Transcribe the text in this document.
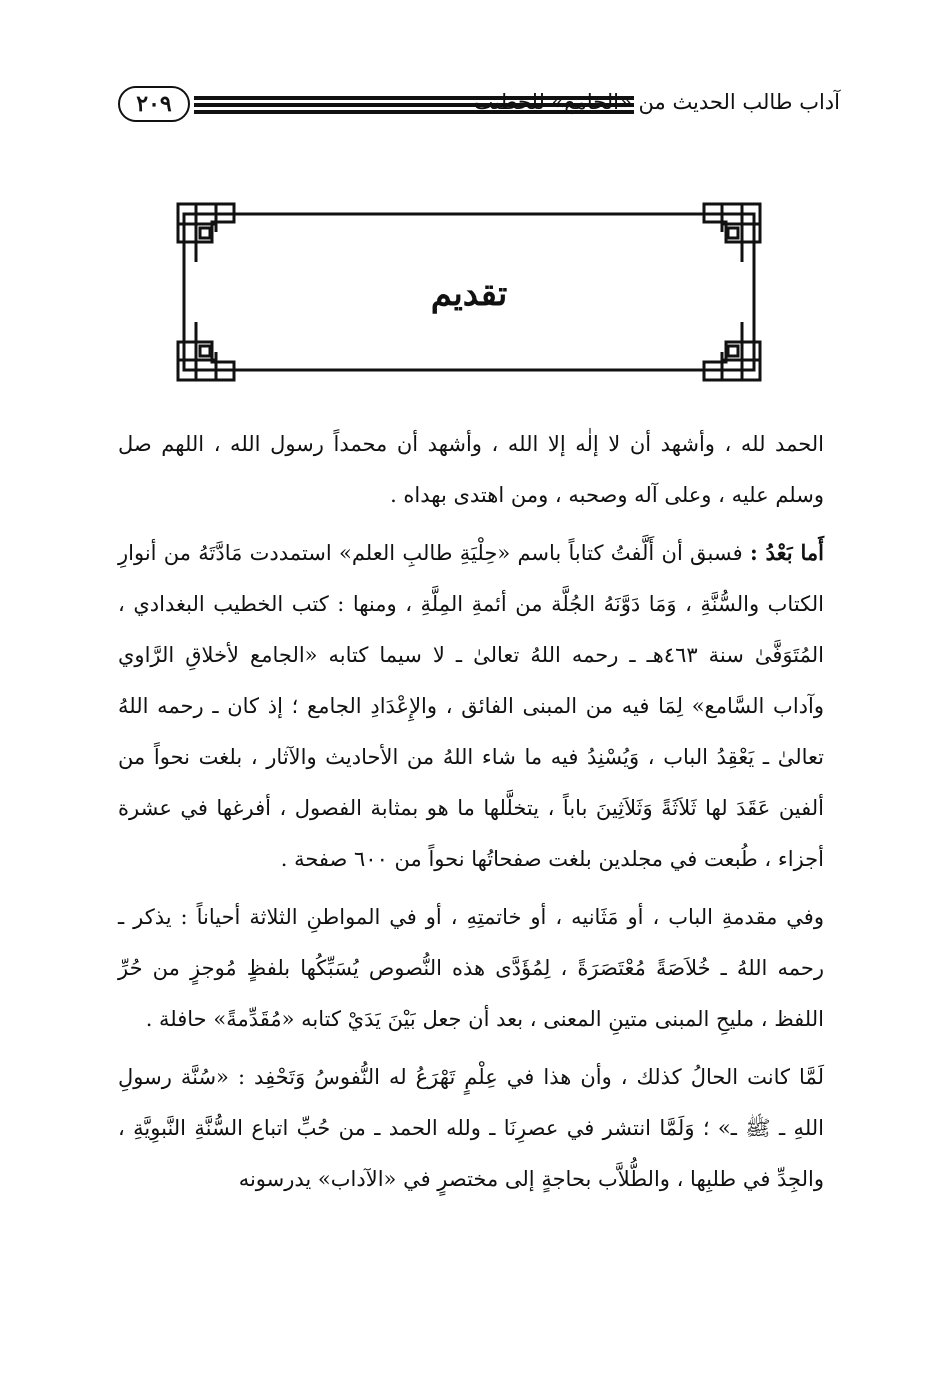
٢٠٩	آداب طالب الحديث من «الجامع» للخطيب
تقديم

الحمد لله ، وأشهد أن لا إلٰه إلا الله ، وأشهد أن محمداً رسول الله ، اللهم صل وسلم عليه ، وعلى آله وصحبه ، ومن اهتدى بهداه .

أَما بَعْدُ : فسبق أن أَلَّفتُ كتاباً باسم «حِلْيَةِ طالبِ العلم» استمددت مَادَّتَهُ من أنوارِ الكتاب والسُّنَّةِ ، وَمَا دَوَّنَهُ الجُلَّة من أئمةِ المِلَّةِ ، ومنها : كتب الخطيب البغدادي ، المُتَوَفَّىٰ سنة ٤٦٣هـ ـ رحمه اللهُ تعالىٰ ـ لا سيما كتابه «الجامع لأخلاقِ الرَّاوي وآداب السَّامع» لِمَا فيه من المبنى الفائق ، والإِعْدَادِ الجامع ؛ إذ كان ـ رحمه اللهُ تعالىٰ ـ يَعْقِدُ الباب ، وَيُسْنِدُ فيه ما شاء اللهُ من الأحاديث والآثار ، بلغت نحواً من ألفين عَقَدَ لها ثَلاَثَةً وَثَلاَثِينَ باباً ، يتخلَّلها ما هو بمثابة الفصول ، أفرغها في عشرة أجزاء ، طُبعت في مجلدين بلغت صفحاتُها نحواً من ٦٠٠ صفحة .

وفي مقدمةِ الباب ، أو مَثَانيه ، أو خاتمتِهِ ، أو في المواطنِ الثلاثة أحياناً : يذكر ـ رحمه اللهُ ـ خُلاَصَةً مُعْتَصَرَةً ، لِمُؤَدَّى هذه النُّصوص يُسَبِّكُها بلفظٍ مُوجزٍ من حُرِّ اللفظ ، مليحِ المبنى متينِ المعنى ، بعد أن جعل بَيْنَ يَدَيْ كتابه «مُقَدِّمةً» حافلة .

لَمَّا كانت الحالُ كذلك ، وأن هذا في عِلْمٍ تَهْرَعُ له النُّفوسُ وَتَحْفِد : «سُنَّة رسولِ اللهِ ـ ﷺ ـ» ؛ وَلَمَّا انتشر في عصرِنَا ـ ولله الحمد ـ من حُبِّ اتباع السُّنَّةِ النَّبوِيَّةِ ، والجِدِّ في طلبِها ، والطُّلاَّب بحاجةٍ إلى مختصرٍ في «الآداب» يدرسونه
